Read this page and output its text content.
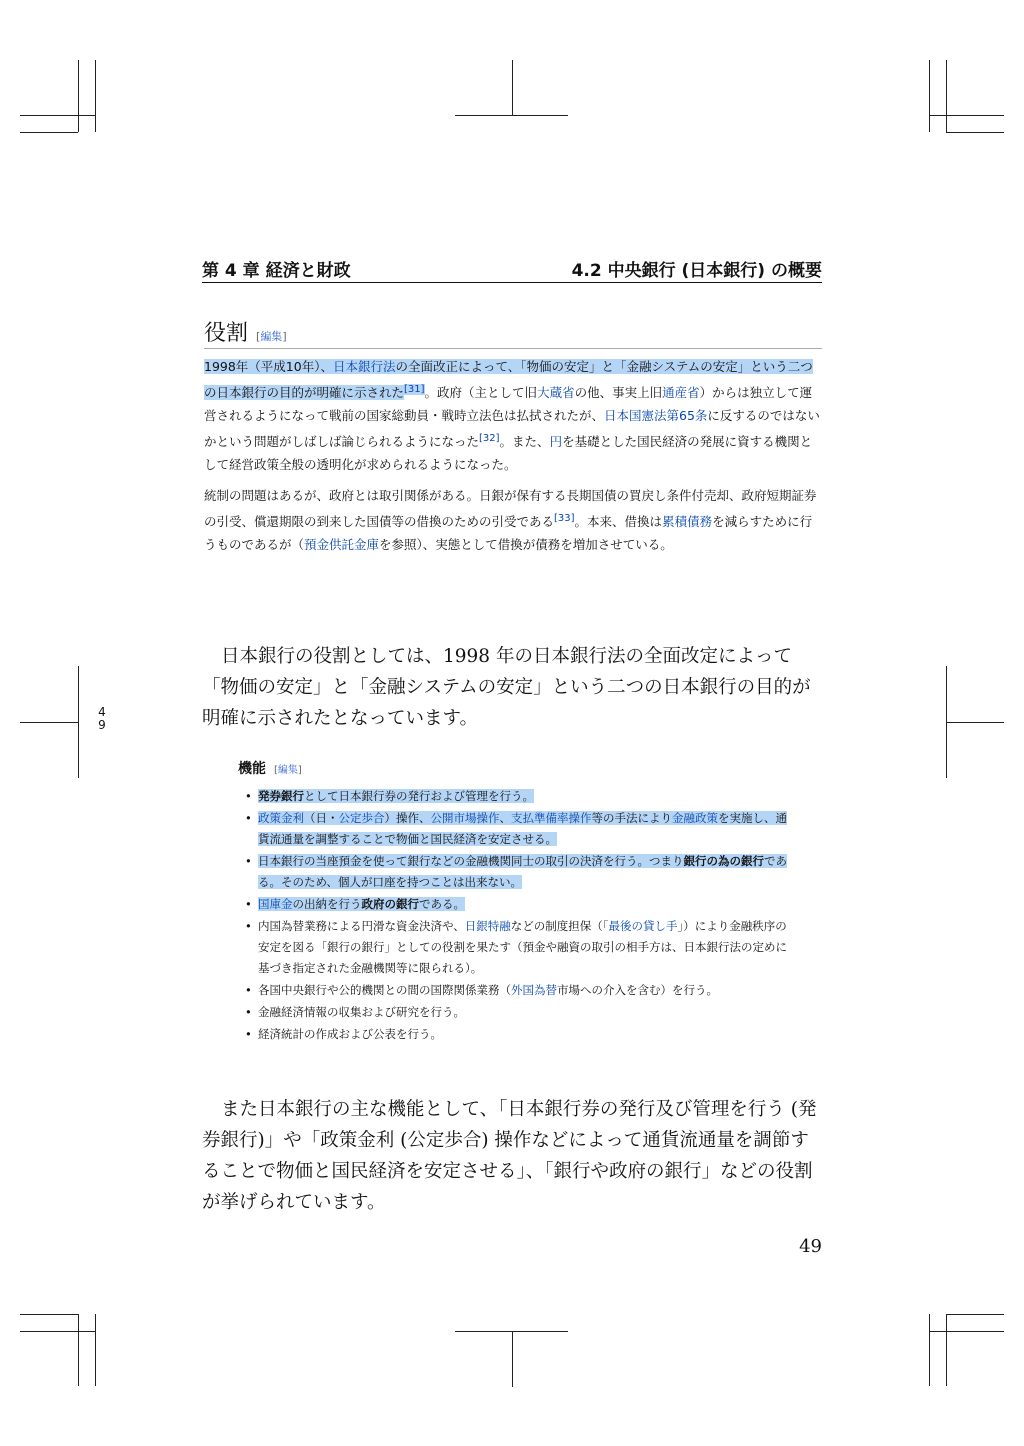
第 4 章 経済と財政	4.2 中央銀行 (日本銀行) の概要
4
9
役割 [編集]

1998年（平成10年）、日本銀行法の全面改正によって、「物価の安定」と「金融システムの安定」という二つの日本銀行の目的が明確に示された[31]。政府（主として旧大蔵省の他、事実上旧通産省）からは独立して運営されるようになって戦前の国家総動員・戦時立法色は払拭されたが、日本国憲法第65条に反するのではないかという問題がしばしば論じられるようになった[32]。また、円を基礎とした国民経済の発展に資する機関として経営政策全般の透明化が求められるようになった。

統制の問題はあるが、政府とは取引関係がある。日銀が保有する長期国債の買戻し条件付売却、政府短期証券の引受、償還期限の到来した国債等の借換のための引受である[33]。本来、借換は累積債務を減らすために行うものであるが（預金供託金庫を参照）、実態として借換が債務を増加させている。

日本銀行の役割としては、1998 年の日本銀行法の全面改定によって「物価の安定」と「金融システムの安定」という二つの日本銀行の目的が明確に示されたとなっています。

機能 [編集]
• 発券銀行として日本銀行券の発行および管理を行う。
• 政策金利（日・公定歩合）操作、公開市場操作、支払準備率操作等の手法により金融政策を実施し、通貨流通量を調整することで物価と国民経済を安定させる。
• 日本銀行の当座預金を使って銀行などの金融機関同士の取引の決済を行う。つまり銀行の為の銀行である。そのため、個人が口座を持つことは出来ない。
• 国庫金の出納を行う政府の銀行である。
• 内国為替業務による円滑な資金決済や、日銀特融などの制度担保（「最後の貸し手」）により金融秩序の安定を図る「銀行の銀行」としての役割を果たす（預金や融資の取引の相手方は、日本銀行法の定めに基づき指定された金融機関等に限られる）。
• 各国中央銀行や公的機関との間の国際関係業務（外国為替市場への介入を含む）を行う。
• 金融経済情報の収集および研究を行う。
• 経済統計の作成および公表を行う。

また日本銀行の主な機能として、「日本銀行券の発行及び管理を行う (発券銀行)」や「政策金利 (公定歩合) 操作などによって通貨流通量を調節することで物価と国民経済を安定させる」、「銀行や政府の銀行」などの役割が挙げられています。

49
